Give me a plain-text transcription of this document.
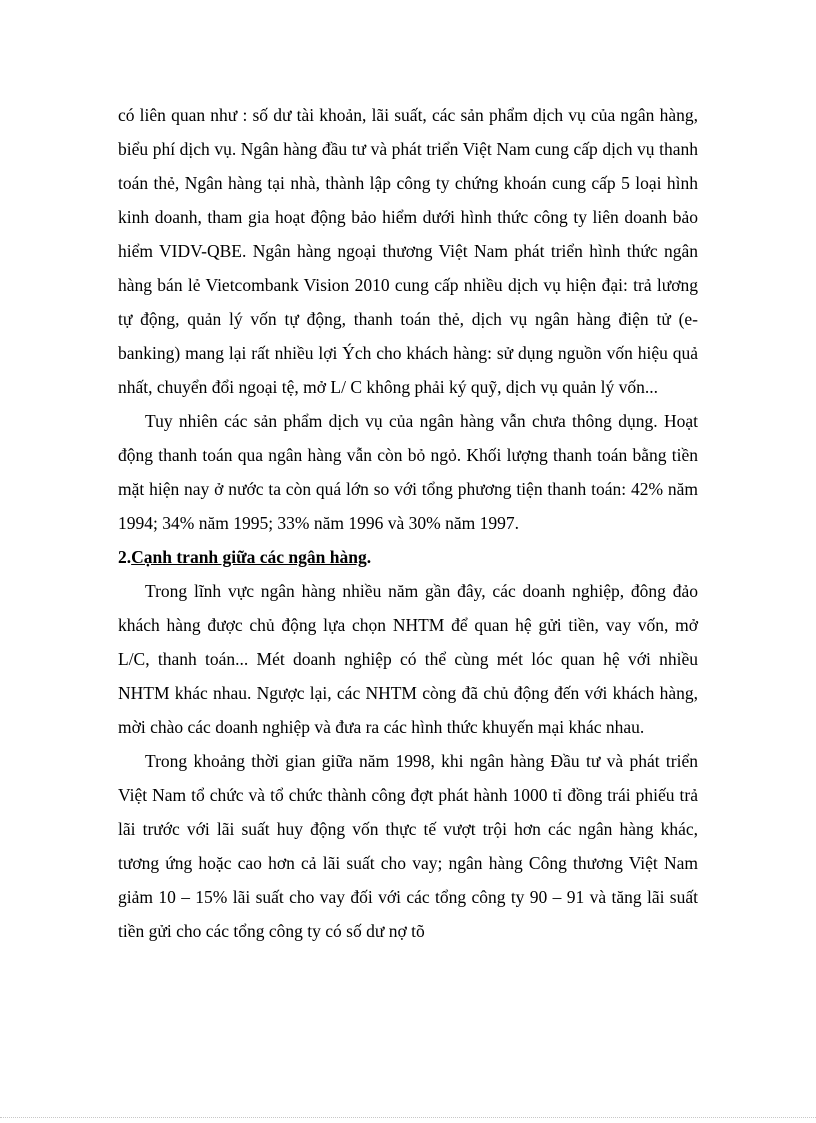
có liên quan như : số dư tài khoản, lãi suất, các sản phẩm dịch vụ của ngân hàng, biểu phí dịch vụ. Ngân hàng đầu tư và phát triển Việt Nam cung cấp dịch vụ thanh toán thẻ, Ngân hàng tại nhà, thành lập công ty chứng khoán cung cấp 5 loại hình kinh doanh, tham gia hoạt động bảo hiểm dưới hình thức công ty liên doanh bảo hiểm VIDV-QBE. Ngân hàng ngoại thương Việt Nam phát triển hình thức ngân hàng bán lẻ Vietcombank Vision 2010 cung cấp nhiều dịch vụ hiện đại: trả lương tự động, quản lý vốn tự động, thanh toán thẻ, dịch vụ ngân hàng điện tử (e-banking) mang lại rất nhiều lợi Ých cho khách hàng: sử dụng nguồn vốn hiệu quả nhất, chuyển đổi ngoại tệ, mở L/ C không phải ký quỹ, dịch vụ quản lý vốn...

Tuy nhiên các sản phẩm dịch vụ của ngân hàng vẫn chưa thông dụng. Hoạt động thanh toán qua ngân hàng vẫn còn bỏ ngỏ. Khối lượng thanh toán bằng tiền mặt hiện nay ở nước ta còn quá lớn so với tổng phương tiện thanh toán: 42% năm 1994; 34% năm 1995; 33% năm 1996 và 30% năm 1997.

2.Cạnh tranh giữa các ngân hàng.

Trong lĩnh vực ngân hàng nhiều năm gần đây, các doanh nghiệp, đông đảo khách hàng được chủ động lựa chọn NHTM để quan hệ gửi tiền, vay vốn, mở L/C, thanh toán... Mét doanh nghiệp có thể cùng mét lóc quan hệ với nhiều NHTM khác nhau. Ngược lại, các NHTM còng đã chủ động đến với khách hàng, mời chào các doanh nghiệp và đưa ra các hình thức khuyến mại khác nhau.

Trong khoảng thời gian giữa năm 1998, khi ngân hàng Đầu tư và phát triển Việt Nam tổ chức và tổ chức thành công đợt phát hành 1000 tỉ đồng trái phiếu trả lãi trước với lãi suất huy động vốn thực tế vượt trội hơn các ngân hàng khác, tương ứng hoặc cao hơn cả lãi suất cho vay; ngân hàng Công thương Việt Nam giảm 10 – 15% lãi suất cho vay đối với các tổng công ty 90 – 91 và tăng lãi suất tiền gửi cho các tổng công ty có số dư nợ tõ
